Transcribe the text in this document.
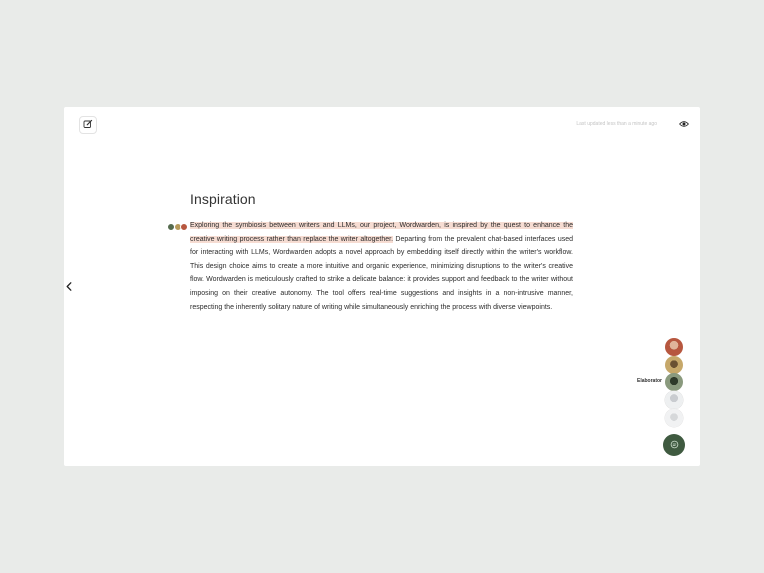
Last updated less than a minute ago
Inspiration

Exploring the symbiosis between writers and LLMs, our project, Wordwarden, is inspired by the quest to enhance the creative writing process rather than replace the writer altogether. Departing from the prevalent chat-based interfaces used for interacting with LLMs, Wordwarden adopts a novel approach by embedding itself directly within the writer's workflow. This design choice aims to create a more intuitive and organic experience, minimizing disruptions to the writer's creative flow. Wordwarden is meticulously crafted to strike a delicate balance: it provides support and feedback to the writer without imposing on their creative autonomy. The tool offers real-time suggestions and insights in a non-intrusive manner, respecting the inherently solitary nature of writing while simultaneously enriching the process with diverse viewpoints.

Elaborator
